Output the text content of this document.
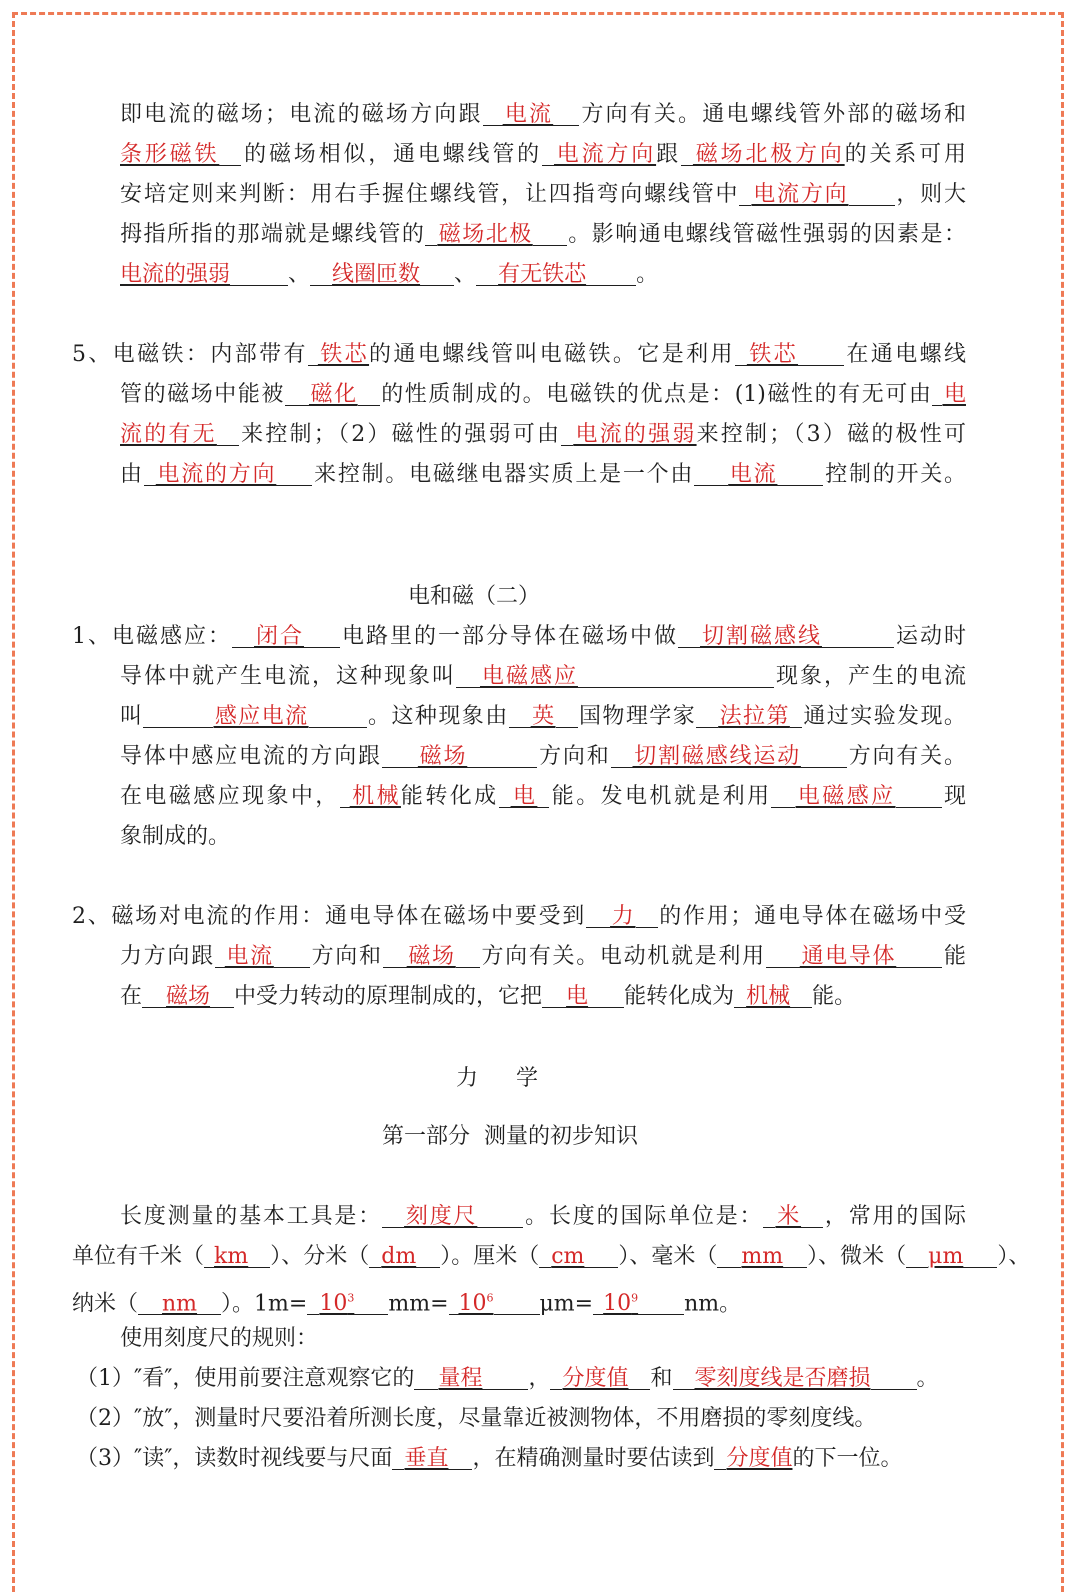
即电流的磁场；电流的磁场方向跟 电流 方向有关。通电螺线管外部的磁场和
条形磁铁 的磁场相似，通电螺线管的 电流方向跟 磁场北极方向的关系可用
安培定则来判断：用右手握住螺线管，让四指弯向螺线管中 电流方向 ，则大
拇指所指的那端就是螺线管的 磁场北极 。影响通电螺线管磁性强弱的因素是：
电流的强弱	、 线圈匝数 、 有无铁芯 。
5、电磁铁：内部带有 铁芯的通电螺线管叫电磁铁。它是利用 铁芯 在通电螺线
管的磁场中能被 磁化 的性质制成的。电磁铁的优点是：(1)磁性的有无可由 电
流的有无 来控制；（2）磁性的强弱可由 电流的强弱来控制；（3）磁的极性可
由 电流的方向 来控制。电磁继电器实质上是一个由 电流 控制的开关。
电和磁（二）
1、电磁感应： 闭合 电路里的一部分导体在磁场中做 切割磁感线	运动时
导体中就产生电流，这种现象叫 电磁感应	现象，产生的电流
叫	感应电流	。这种现象由 英 国物理学家 法拉第 通过实验发现。
导体中感应电流的方向跟 磁场	方向和 切割磁感线运动 方向有关。
在电磁感应现象中， 机械能转化成 电 能。发电机就是利用 电磁感应 现
象制成的。
2、磁场对电流的作用：通电导体在磁场中要受到 力 的作用；通电导体在磁场中受
力方向跟 电流 方向和 磁场 方向有关。电动机就是利用 通电导体 能
在 磁场 中受力转动的原理制成的，它把 电 能转化成为 机械 能。
力　学
第一部分  测量的初步知识
长度测量的基本工具是： 刻度尺 。长度的国际单位是： 米 ，常用的国际
单位有千米（ km ）、分米（ dm ）。厘米（ cm ）、毫米（ mm ）、微米（ μm ）、
纳米（ nm ）。$1m= 10^3$ $mm= 10^6$ $\mu m= 10^9$ nm。
使用刻度尺的规则：
（1）″看″，使用前要注意观察它的 量程 ， 分度值 和 零刻度线是否磨损 。
（2）″放″，测量时尺要沿着所测长度，尽量靠近被测物体，不用磨损的零刻度线。
（3）″读″，读数时视线要与尺面 垂直 ，在精确测量时要估读到 分度值的下一位。
